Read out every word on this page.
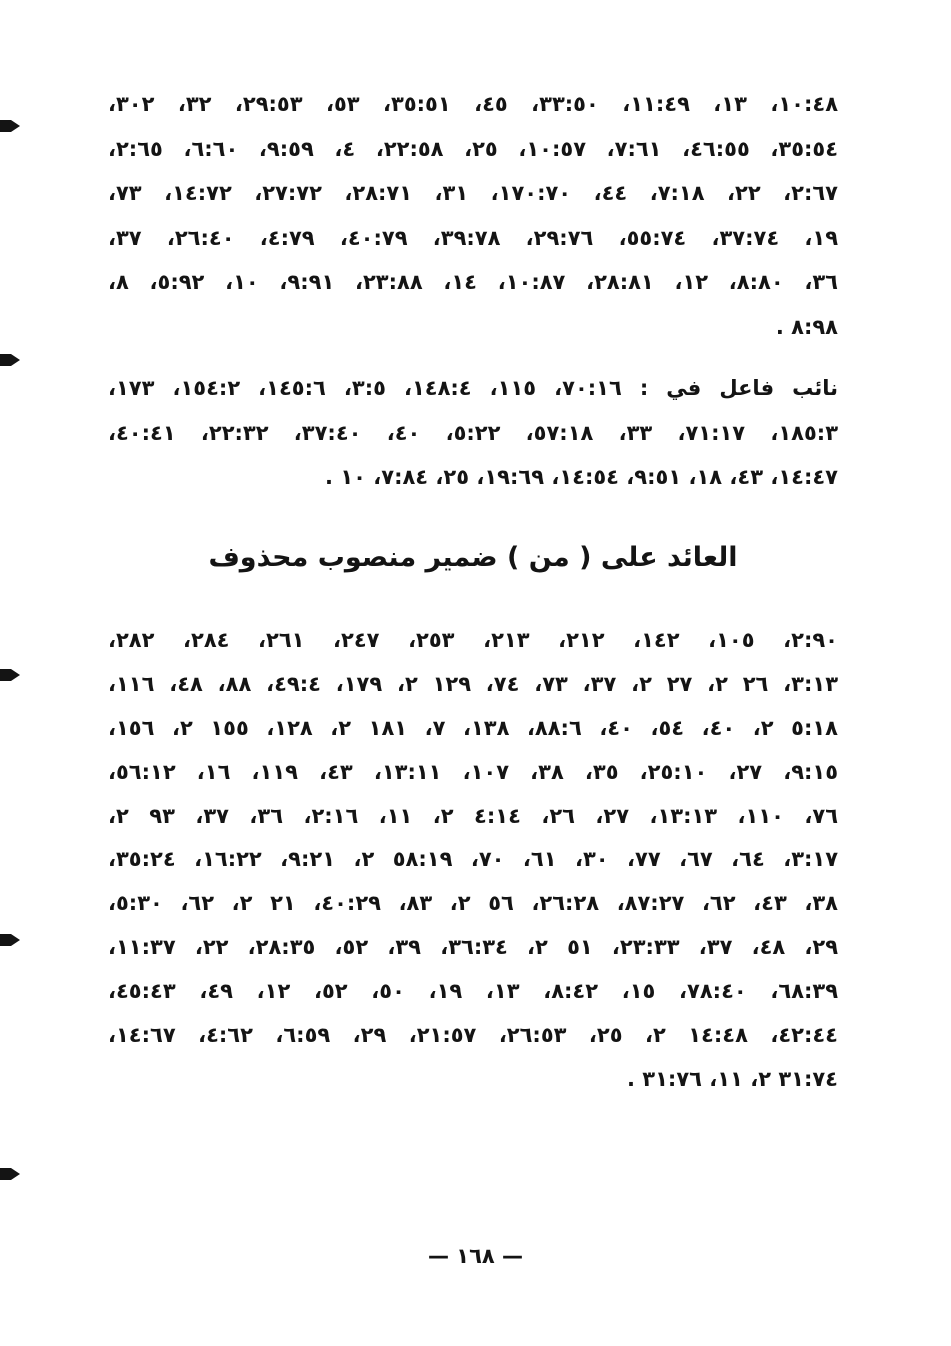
١٠:٤٨، ١٣، ١١:٤٩، ٣٣:٥٠، ٤٥، ٣٥:٥١، ٥٣، ٢٩:٥٣، ٣٢، ٣٠٢،
٣٥:٥٤، ٤٦:٥٥، ٧:٦١، ١٠:٥٧، ٢٥، ٢٢:٥٨، ٤، ٩:٥٩، ٦:٦٠، ٢:٦٥،
٢:٦٧، ٢٢، ٧:١٨، ٤٤، ١٧٠:٧٠، ٣١، ٢٨:٧١، ٢٧:٧٢، ١٤:٧٢، ٧٣،
١٩، ٣٧:٧٤، ٥٥:٧٤، ٢٩:٧٦، ٣٩:٧٨، ٤٠:٧٩، ٤:٧٩، ٢٦:٤٠، ٣٧،
٣٦، ٨:٨٠، ١٢، ٢٨:٨١، ١٠:٨٧، ١٤، ٢٣:٨٨، ٩:٩١، ١٠، ٥:٩٢، ٨،
٨:٩٨ .
نائب فاعل في : ٧٠:١٦، ١١٥، ١٤٨:٤، ٣:٥، ١٤٥:٦، ١٥٤:٢، ١٧٣،
١٨٥:٣، ٧١:١٧، ٣٣، ٥٧:١٨، ٥:٢٢، ٤٠، ٣٧:٤٠، ٢٢:٣٢، ٤٠:٤١،
١٤:٤٧، ٤٣، ١٨، ٩:٥١، ١٤:٥٤، ١٩:٦٩، ٢٥، ٧:٨٤، ١٠ .
العائد على ( من ) ضمير منصوب محذوف
٢:٩٠، ١٠٥، ١٤٢، ٢١٢، ٢١٣، ٢٥٣، ٢٤٧، ٢٦١، ٢٨٤، ٢٨٢،
٣:١٣، ٢٦ ٢، ٢٧ ٢، ٣٧، ٧٣، ٧٤، ١٢٩ ٢، ١٧٩، ٤٩:٤، ٨٨، ٤٨، ١١٦،
٥:١٨ ٢، ٤٠، ٥٤، ٤٠، ٨٨:٦، ١٣٨، ٧، ١٨١ ٢، ١٢٨، ١٥٥ ٢، ١٥٦،
٩:١٥، ٢٧، ٢٥:١٠، ٣٥، ٣٨، ١٠٧، ١٣:١١، ٤٣، ١١٩، ١٦، ٥٦:١٢،
٧٦، ١١٠، ١٣:١٣، ٢٧، ٢٦، ٤:١٤ ٢، ١١، ٢:١٦، ٣٦، ٣٧، ٩٣ ٢،
٣:١٧، ٦٤، ٦٧، ٧٧، ٣٠، ٦١، ٧٠، ٥٨:١٩ ٢، ٩:٢١، ١٦:٢٢، ٣٥:٢٤،
٣٨، ٤٣، ٦٢، ٨٧:٢٧، ٢٦:٢٨، ٥٦ ٢، ٨٣، ٤٠:٢٩، ٢١ ٢، ٦٢، ٥:٣٠،
٢٩، ٤٨، ٣٧، ٢٣:٣٣، ٥١ ٢، ٣٦:٣٤، ٣٩، ٥٢، ٢٨:٣٥، ٢٢، ١١:٣٧،
٦٨:٣٩، ٧٨:٤٠، ١٥، ٨:٤٢، ١٣، ١٩، ٥٠، ٥٢، ١٢، ٤٩، ٤٥:٤٣،
٤٢:٤٤، ١٤:٤٨ ٢، ٢٥، ٢٦:٥٣، ٢١:٥٧، ٢٩، ٦:٥٩، ٤:٦٢، ١٤:٦٧،
٣١:٧٤ ٢، ١١، ٣١:٧٦ .
— ١٦٨ —
